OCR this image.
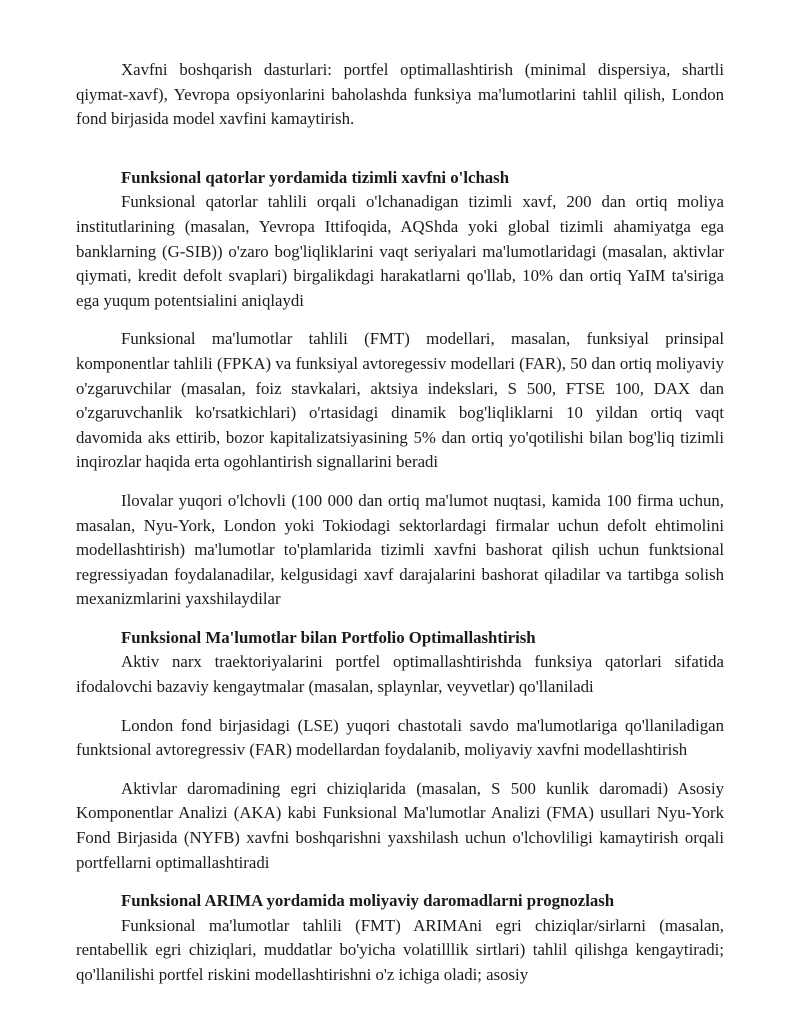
Xavfni boshqarish dasturlari: portfel optimallashtirish (minimal dispersiya, shartli qiymat-xavf), Yevropa opsiyonlarini baholashda funksiya ma'lumotlarini tahlil qilish, London fond birjasida model xavfini kamaytirish.

Funksional qatorlar yordamida tizimli xavfni o'lchash

Funksional qatorlar tahlili orqali o'lchanadigan tizimli xavf, 200 dan ortiq moliya institutlarining (masalan, Yevropa Ittifoqida, AQShda yoki global tizimli ahamiyatga ega banklarning (G-SIB)) o'zaro bog'liqliklarini vaqt seriyalari ma'lumotlaridagi (masalan, aktivlar qiymati, kredit defolt svaplari) birgalikdagi harakatlarni qo'llab, 10% dan ortiq YaIM ta'siriga ega yuqum potentsialini aniqlaydi

Funksional ma'lumotlar tahlili (FMT) modellari, masalan, funksiyal prinsipal komponentlar tahlili (FPKA) va funksiyal avtoregessiv modellari (FAR), 50 dan ortiq moliyaviy o'zgaruvchilar (masalan, foiz stavkalari, aktsiya indekslari, S 500, FTSE 100, DAX dan o'zgaruvchanlik ko'rsatkichlari) o'rtasidagi dinamik bog'liqliklarni 10 yildan ortiq vaqt davomida aks ettirib, bozor kapitalizatsiyasining 5% dan ortiq yo'qotilishi bilan bog'liq tizimli inqirozlar haqida erta ogohlantirish signallarini beradi

Ilovalar yuqori o'lchovli (100 000 dan ortiq ma'lumot nuqtasi, kamida 100 firma uchun, masalan, Nyu-York, London yoki Tokiodagi sektorlardagi firmalar uchun defolt ehtimolini modellashtirish) ma'lumotlar to'plamlarida tizimli xavfni bashorat qilish uchun funktsional regressiyadan foydalanadilar, kelgusidagi xavf darajalarini bashorat qiladilar va tartibga solish mexanizmlarini yaxshilaydilar

Funksional Ma'lumotlar bilan Portfolio Optimallashtirish

Aktiv narx traektoriyalarini portfel optimallashtirishda funksiya qatorlari sifatida ifodalovchi bazaviy kengaytmalar (masalan, splaynlar, veyvetlar) qo'llaniladi

London fond birjasidagi (LSE) yuqori chastotali savdo ma'lumotlariga qo'llaniladigan funktsional avtoregressiv (FAR) modellardan foydalanib, moliyaviy xavfni modellashtirish

Aktivlar daromadining egri chiziqlarida (masalan, S 500 kunlik daromadi) Asosiy Komponentlar Analizi (AKA) kabi Funksional Ma'lumotlar Analizi (FMA) usullari Nyu-York Fond Birjasida (NYFB) xavfni boshqarishni yaxshilash uchun o'lchovliligi kamaytirish orqali portfellarni optimallashtiradi

Funksional ARIMA yordamida moliyaviy daromadlarni prognozlash

Funksional ma'lumotlar tahlili (FMT) ARIMAni egri chiziqlar/sirlarni (masalan, rentabellik egri chiziqlari, muddatlar bo'yicha volatilllik sirtlari) tahlil qilishga kengaytiradi; qo'llanilishi portfel riskini modellashtirishni o'z ichiga oladi; asosiy
